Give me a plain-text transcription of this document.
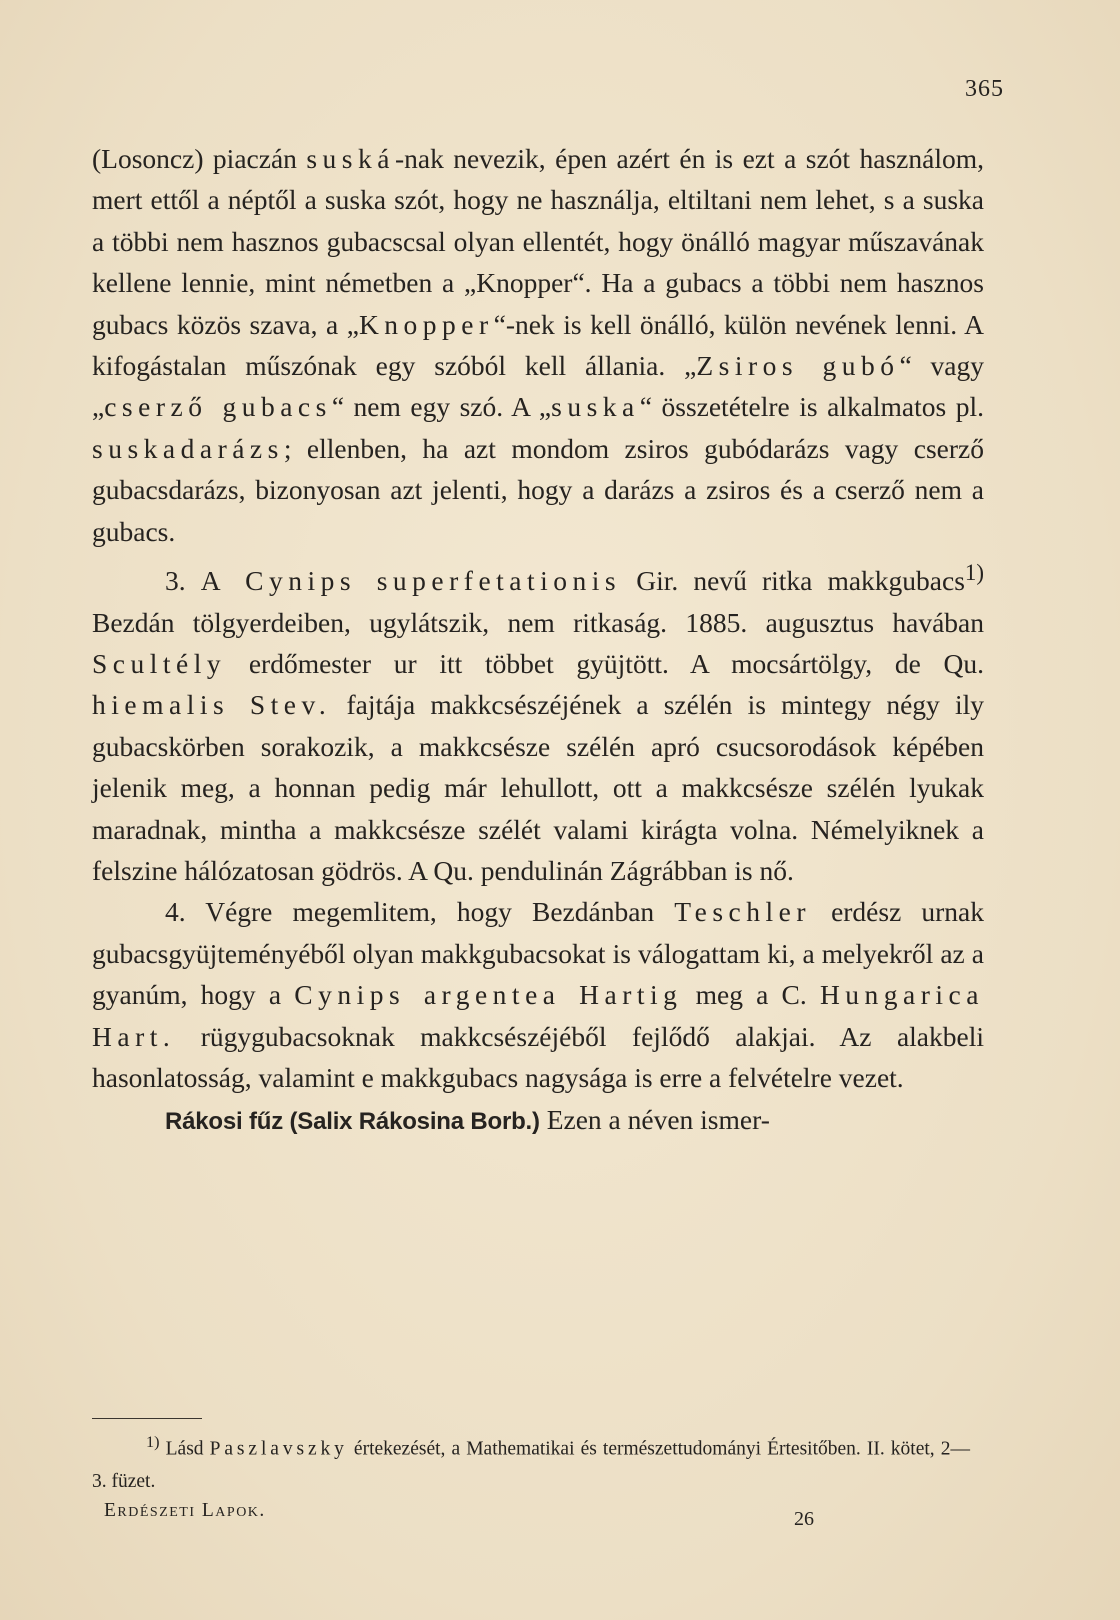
365

(Losoncz) piaczán suská-nak nevezik, épen azért én is ezt a szót használom, mert ettől a néptől a suska szót, hogy ne használja, eltiltani nem lehet, s a suska a többi nem hasznos gubacscsal olyan ellentét, hogy önálló magyar műszavának kellene lennie, mint németben a „Knopper“. Ha a gubacs a többi nem hasznos gubacs közös szava, a „Knopper“-nek is kell önálló, külön nevének lenni. A kifogástalan műszónak egy szóból kell állania. „Zsiros gubó“ vagy „cserző gubacs“ nem egy szó. A „suska“ összetételre is alkalmatos pl. suskadarázs; ellenben, ha azt mondom zsiros gubódarázs vagy cserző gubacsdarázs, bizonyosan azt jelenti, hogy a darázs a zsiros és a cserző nem a gubacs.

3. A Cynips superfetationis Gir. nevű ritka makkgubacs$^{1)}$ Bezdán tölgyerdeiben, ugylátszik, nem ritkaság. 1885. augusztus havában Scultély erdőmester ur itt többet gyüjtött. A mocsártölgy, de Qu. hiemalis Stev. fajtája makkcsészéjének a szélén is mintegy négy ily gubacskörben sorakozik, a makkcsésze szélén apró csucsorodások képében jelenik meg, a honnan pedig már lehullott, ott a makkcsésze szélén lyukak maradnak, mintha a makkcsésze szélét valami kirágta volna. Némelyiknek a felszine hálózatosan gödrös. A Qu. pendulinán Zágrábban is nő.

4. Végre megemlitem, hogy Bezdánban Teschler erdész urnak gubacsgyüjteményéből olyan makkgubacsokat is válogattam ki, a melyekről az a gyanúm, hogy a Cynips argentea Hartig meg a C. Hungarica Hart. rügygubacsoknak makkcsészéjéből fejlődő alakjai. Az alakbeli hasonlatosság, valamint e makkgubacs nagysága is erre a felvételre vezet.

Rákosi fűz (Salix Rákosina Borb.) Ezen a néven ismer-

$^{1)}$ Lásd Paszlavszky értekezését, a Mathematikai és természettudományi Értesitőben. II. kötet, 2—3. füzet.
Erdészeti Lapok.	26
